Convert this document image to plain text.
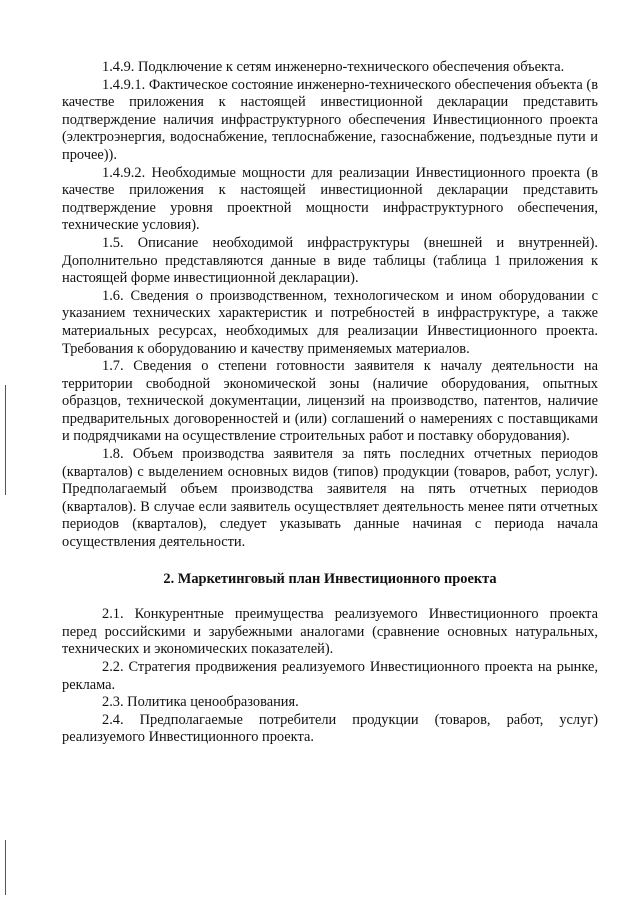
1.4.9. Подключение к сетям инженерно-технического обеспечения объекта.

1.4.9.1. Фактическое состояние инженерно-технического обеспечения объекта (в качестве приложения к настоящей инвестиционной декларации представить подтверждение наличия инфраструктурного обеспечения Инвестиционного проекта (электроэнергия, водоснабжение, теплоснабжение, газоснабжение, подъездные пути и прочее)).

1.4.9.2. Необходимые мощности для реализации Инвестиционного проекта (в качестве приложения к настоящей инвестиционной декларации представить подтверждение уровня проектной мощности инфраструктурного обеспечения, технические условия).

1.5. Описание необходимой инфраструктуры (внешней и внутренней). Дополнительно представляются данные в виде таблицы (таблица 1 приложения к настоящей форме инвестиционной декларации).

1.6. Сведения о производственном, технологическом и ином оборудовании с указанием технических характеристик и потребностей в инфраструктуре, а также материальных ресурсах, необходимых для реализации Инвестиционного проекта. Требования к оборудованию и качеству применяемых материалов.

1.7. Сведения о степени готовности заявителя к началу деятельности на территории свободной экономической зоны (наличие оборудования, опытных образцов, технической документации, лицензий на производство, патентов, наличие предварительных договоренностей и (или) соглашений о намерениях с поставщиками и подрядчиками на осуществление строительных работ и поставку оборудования).

1.8. Объем производства заявителя за пять последних отчетных периодов (кварталов) с выделением основных видов (типов) продукции (товаров, работ, услуг). Предполагаемый объем производства заявителя на пять отчетных периодов (кварталов). В случае если заявитель осуществляет деятельность менее пяти отчетных периодов (кварталов), следует указывать данные начиная с периода начала осуществления деятельности.

2. Маркетинговый план Инвестиционного проекта

2.1. Конкурентные преимущества реализуемого Инвестиционного проекта перед российскими и зарубежными аналогами (сравнение основных натуральных, технических и экономических показателей).

2.2. Стратегия продвижения реализуемого Инвестиционного проекта на рынке, реклама.

2.3. Политика ценообразования.

2.4. Предполагаемые потребители продукции (товаров, работ, услуг) реализуемого Инвестиционного проекта.
